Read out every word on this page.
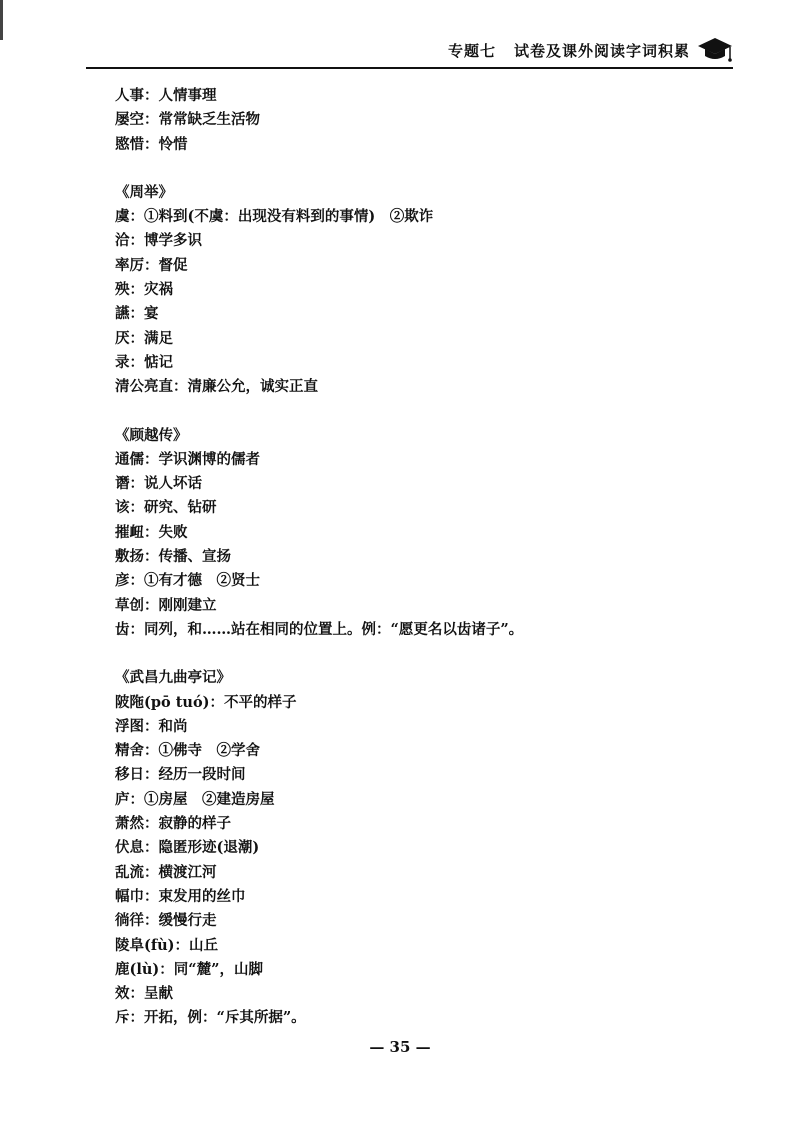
专题七 试卷及课外阅读字词积累
人事：人情事理
屡空：常常缺乏生活物
愍惜：怜惜
《周举》
虞：①料到(不虞：出现没有料到的事情)　②欺诈
洽：博学多识
率厉：督促
殃：灾祸
讌：宴
厌：满足
录：惦记
清公亮直：清廉公允，诚实正直
《顾越传》
通儒：学识渊博的儒者
谮：说人坏话
该：研究、钻研
摧衄：失败
敷扬：传播、宣扬
彦：①有才德　②贤士
草创：刚刚建立
齿：同列，和……站在相同的位置上。例：“愿更名以齿诸子”。
《武昌九曲亭记》
陂陁(pō tuó)：不平的样子
浮图：和尚
精舍：①佛寺　②学舍
移日：经历一段时间
庐：①房屋　②建造房屋
萧然：寂静的样子
伏息：隐匿形迹(退潮)
乱流：横渡江河
幅巾：束发用的丝巾
徜徉：缓慢行走
陵阜(fù)：山丘
鹿(lù)：同“麓”，山脚
效：呈献
斥：开拓，例：“斥其所据”。
— 35 —
